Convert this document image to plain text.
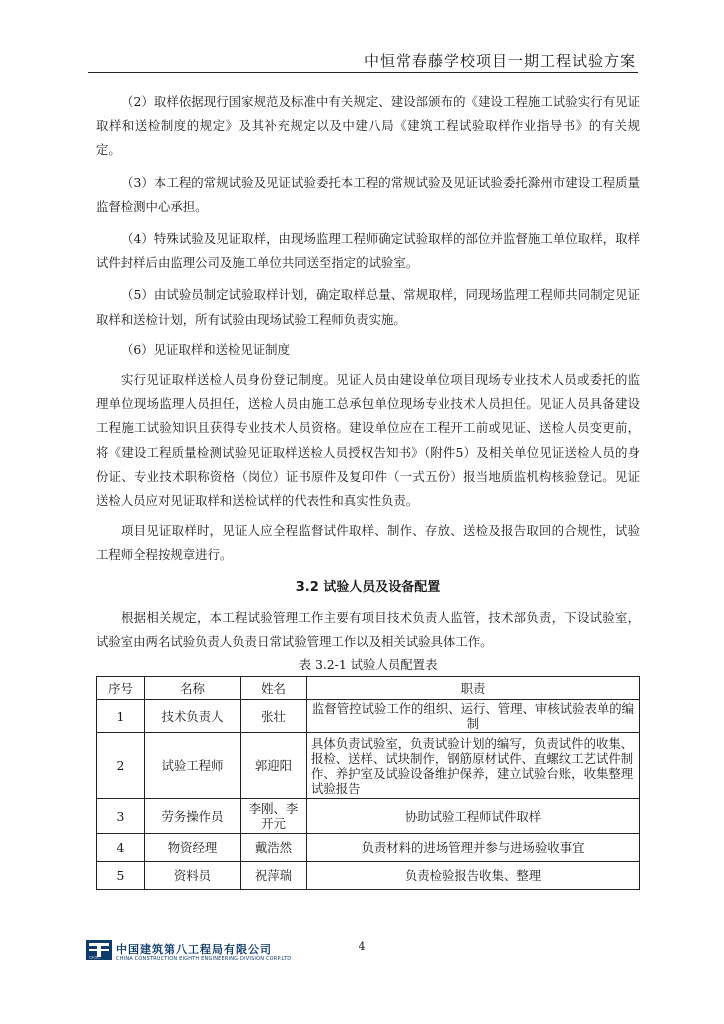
中恒常春藤学校项目一期工程试验方案

（2）取样依据现行国家规范及标准中有关规定、建设部颁布的《建设工程施工试验实行有见证取样和送检制度的规定》及其补充规定以及中建八局《建筑工程试验取样作业指导书》的有关规定。

（3）本工程的常规试验及见证试验委托本工程的常规试验及见证试验委托滁州市建设工程质量监督检测中心承担。

（4）特殊试验及见证取样，由现场监理工程师确定试验取样的部位并监督施工单位取样，取样试件封样后由监理公司及施工单位共同送至指定的试验室。

（5）由试验员制定试验取样计划，确定取样总量、常规取样，同现场监理工程师共同制定见证取样和送检计划，所有试验由现场试验工程师负责实施。

（6）见证取样和送检见证制度

实行见证取样送检人员身份登记制度。见证人员由建设单位项目现场专业技术人员或委托的监理单位现场监理人员担任，送检人员由施工总承包单位现场专业技术人员担任。见证人员具备建设工程施工试验知识且获得专业技术人员资格。建设单位应在工程开工前或见证、送检人员变更前，将《建设工程质量检测试验见证取样送检人员授权告知书》（附件5）及相关单位见证送检人员的身份证、专业技术职称资格（岗位）证书原件及复印件（一式五份）报当地质监机构核验登记。见证送检人员应对见证取样和送检试样的代表性和真实性负责。

项目见证取样时，见证人应全程监督试件取样、制作、存放、送检及报告取回的合规性，试验工程师全程按规章进行。

3.2 试验人员及设备配置

根据相关规定，本工程试验管理工作主要有项目技术负责人监管，技术部负责，下设试验室，试验室由两名试验负责人负责日常试验管理工作以及相关试验具体工作。

表 3.2-1 试验人员配置表
序号	名称	姓名	职责
1	技术负责人	张壮	监督管控试验工作的组织、运行、管理、审核试验表单的编制
2	试验工程师	郭迎阳	具体负责试验室，负责试验计划的编写，负责试件的收集、报检、送样、试块制作，钢筋原材试件、直螺纹工艺试件制作、养护室及试验设备维护保养，建立试验台账，收集整理试验报告
3	劳务操作员	李刚、李开元	协助试验工程师试件取样
4	物资经理	戴浩然	负责材料的进场管理并参与进场验收事宜
5	资料员	祝萍瑞	负责检验报告收集、整理
CSCEC
中国建筑第八工程局有限公司
CHINA CONSTRUCTION EIGHTH ENGINEERING DIVISION CORP.LTD
4
